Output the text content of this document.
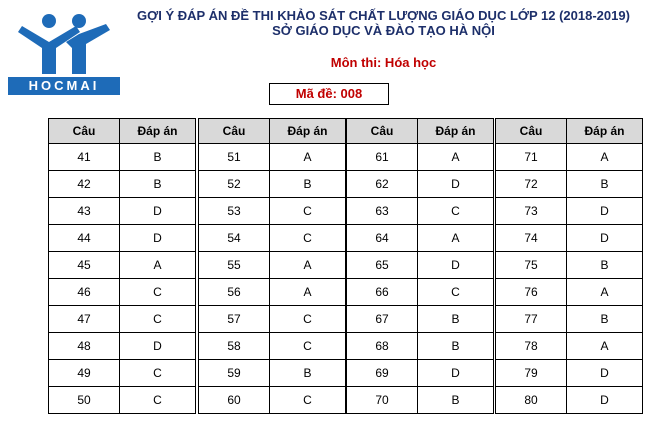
HOCMAI
GỢI Ý ĐÁP ÁN ĐỀ THI KHẢO SÁT CHẤT LƯỢNG GIÁO DỤC LỚP 12 (2018-2019)
SỞ GIÁO DỤC VÀ ĐÀO TẠO HÀ NỘI
Môn thi: Hóa học
Mã đề: 008
Câu	Đáp án
41	B
42	B
43	D
44	D
45	A
46	C
47	C
48	D
49	C
50	C
Câu	Đáp án
51	A
52	B
53	C
54	C
55	A
56	A
57	C
58	C
59	B
60	C
Câu	Đáp án
61	A
62	D
63	C
64	A
65	D
66	C
67	B
68	B
69	D
70	B
Câu	Đáp án
71	A
72	B
73	D
74	D
75	B
76	A
77	B
78	A
79	D
80	D
